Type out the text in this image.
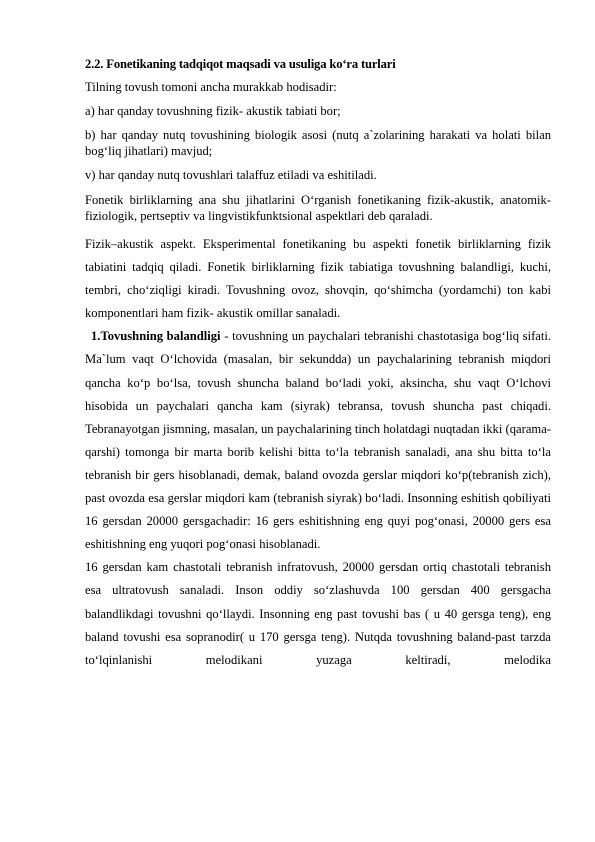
2.2. Fonetikaning tadqiqot maqsadi va usuliga ko‘ra turlari

Tilning tovush tomoni ancha murakkab hodisadir:

a) har qanday tovushning fizik- akustik tabiati bor;

b) har qanday nutq tovushining biologik asosi (nutq a`zolarining harakati va holati bilan bog‘liq jihatlari) mavjud;

v) har qanday nutq tovushlari talaffuz etiladi va eshitiladi.

Fonetik birliklarning ana shu jihatlarini O‘rganish fonetikaning fizik-akustik, anatomik-fiziologik, pertseptiv va lingvistikfunktsional aspektlari deb qaraladi.

Fizik–akustik aspekt. Eksperimental fonetikaning bu aspekti fonetik birliklarning fizik tabiatini tadqiq qiladi. Fonetik birliklarning fizik tabiatiga tovushning balandligi, kuchi, tembri, cho‘ziqligi kiradi. Tovushning ovoz, shovqin, qo‘shimcha (yordamchi) ton kabi komponentlari ham fizik- akustik omillar sanaladi.

1.Tovushning balandligi - tovushning un paychalari tebranishi chastotasiga bog‘liq sifati. Ma`lum vaqt O‘lchovida (masalan, bir sekundda) un paychalarining tebranish miqdori qancha ko‘p bo‘lsa, tovush shuncha baland bo‘ladi yoki, aksincha, shu vaqt O‘lchovi hisobida un paychalari qancha kam (siyrak) tebransa, tovush shuncha past chiqadi. Tebranayotgan jismning, masalan, un paychalarining tinch holatdagi nuqtadan ikki (qarama-qarshi) tomonga bir marta borib kelishi bitta to‘la tebranish sanaladi, ana shu bitta to‘la tebranish bir gers hisoblanadi, demak, baland ovozda gerslar miqdori ko‘p(tebranish zich), past ovozda esa gerslar miqdori kam (tebranish siyrak) bo‘ladi. Insonning eshitish qobiliyati 16 gersdan 20000 gersgachadir: 16 gers eshitishning eng quyi pog‘onasi, 20000 gers esa eshitishning eng yuqori pog‘onasi hisoblanadi.

16 gersdan kam chastotali tebranish infratovush, 20000 gersdan ortiq chastotali tebranish esa ultratovush sanaladi. Inson oddiy so‘zlashuvda 100 gersdan 400 gersgacha balandlikdagi tovushni qo‘llaydi. Insonning eng past tovushi bas ( u 40 gersga teng), eng baland tovushi esa sopranodir( u 170 gersga teng). Nutqda tovushning baland-past tarzda to‘lqinlanishi melodikani yuzaga keltiradi, melodika
